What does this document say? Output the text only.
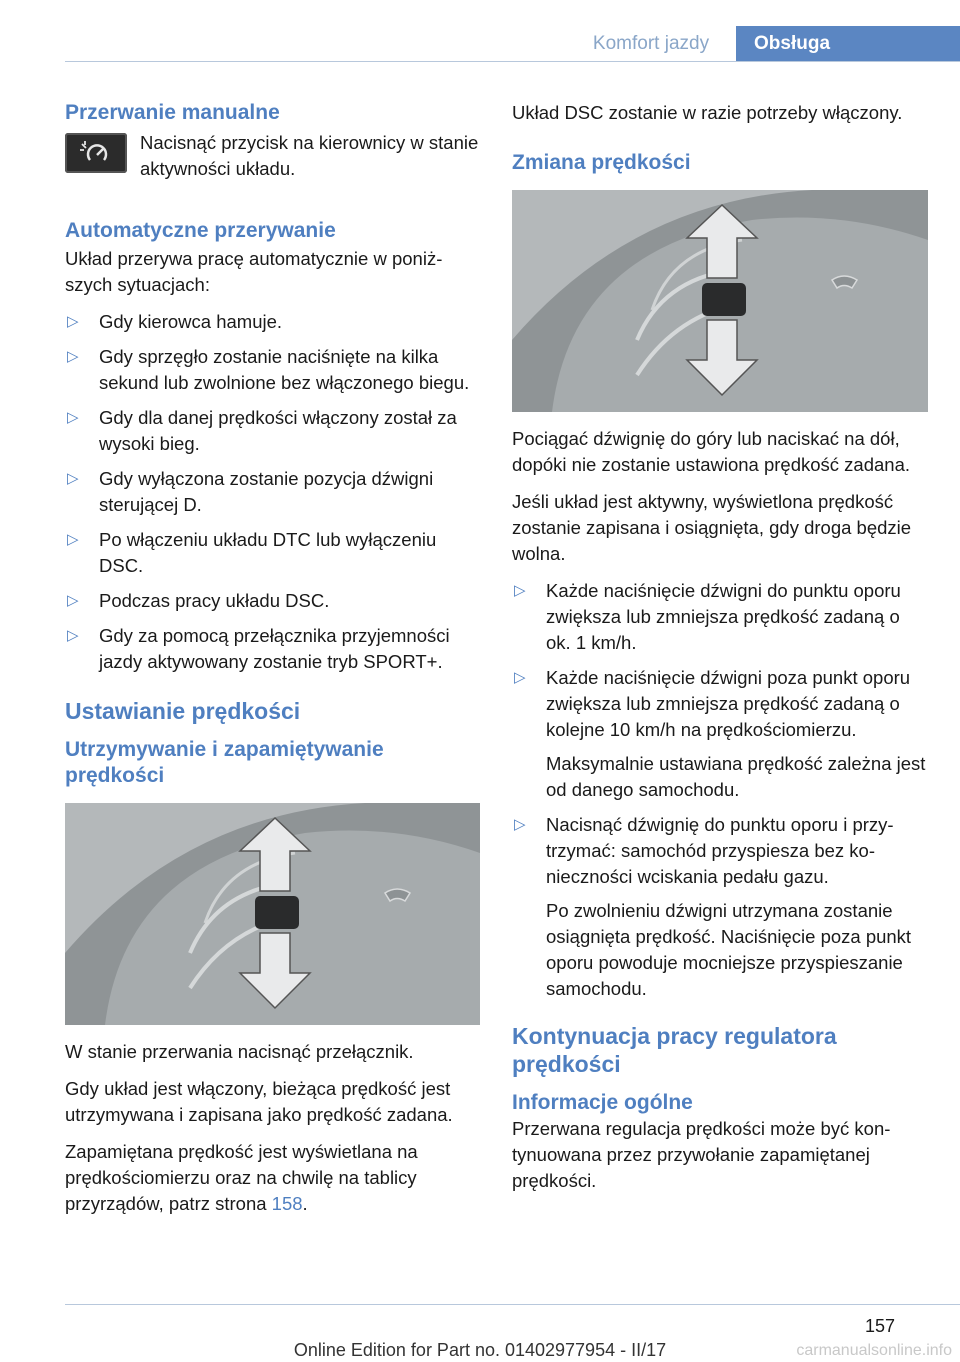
Komfort jazdy	Obsługa
Przerwanie manualne

Nacisnąć przycisk na kierownicy w stanie aktywności układu.

Automatyczne przerywanie

Układ przerywa pracę automatycznie w poniższych sytuacjach:

▷ Gdy kierowca hamuje.
▷ Gdy sprzęgło zostanie naciśnięte na kilka sekund lub zwolnione bez włączonego biegu.
▷ Gdy dla danej prędkości włączony został za wysoki bieg.
▷ Gdy wyłączona zostanie pozycja dźwigni sterującej D.
▷ Po włączeniu układu DTC lub wyłączeniu DSC.
▷ Podczas pracy układu DSC.
▷ Gdy za pomocą przełącznika przyjemności jazdy aktywowany zostanie tryb SPORT+.
Ustawianie prędkości
Utrzymywanie i zapamiętywanie prędkości

W stanie przerwania nacisnąć przełącznik.

Gdy układ jest włączony, bieżąca prędkość jest utrzymywana i zapisana jako prędkość zadana.

Zapamiętana prędkość jest wyświetlana na prędkościomierzu oraz na chwilę na tablicy przyrządów, patrz strona 158.

Układ DSC zostanie w razie potrzeby włączony.

Zmiana prędkości

Pociągać dźwignię do góry lub naciskać na dół, dopóki nie zostanie ustawiona prędkość zadana.

Jeśli układ jest aktywny, wyświetlona prędkość zostanie zapisana i osiągnięta, gdy droga będzie wolna.

▷ Każde naciśnięcie dźwigni do punktu oporu zwiększa lub zmniejsza prędkość zadaną o ok. 1 km/h.
▷ Każde naciśnięcie dźwigni poza punkt oporu zwiększa lub zmniejsza prędkość zadaną o kolejne 10 km/h na prędkościomierzu.
Maksymalnie ustawiana prędkość zależna jest od danego samochodu.
▷ Nacisnąć dźwignię do punktu oporu i przytrzymać: samochód przyspiesza bez konieczności wciskania pedału gazu.
Po zwolnieniu dźwigni utrzymana zostanie osiągnięta prędkość. Naciśnięcie poza punkt oporu powoduje mocniejsze przyspieszanie samochodu.
Kontynuacja pracy regulatora prędkości
Informacje ogólne

Przerwana regulacja prędkości może być kontynuowana przez przywołanie zapamiętanej prędkości.

157
Online Edition for Part no. 01402977954 - II/17	carmanualsonline.info
